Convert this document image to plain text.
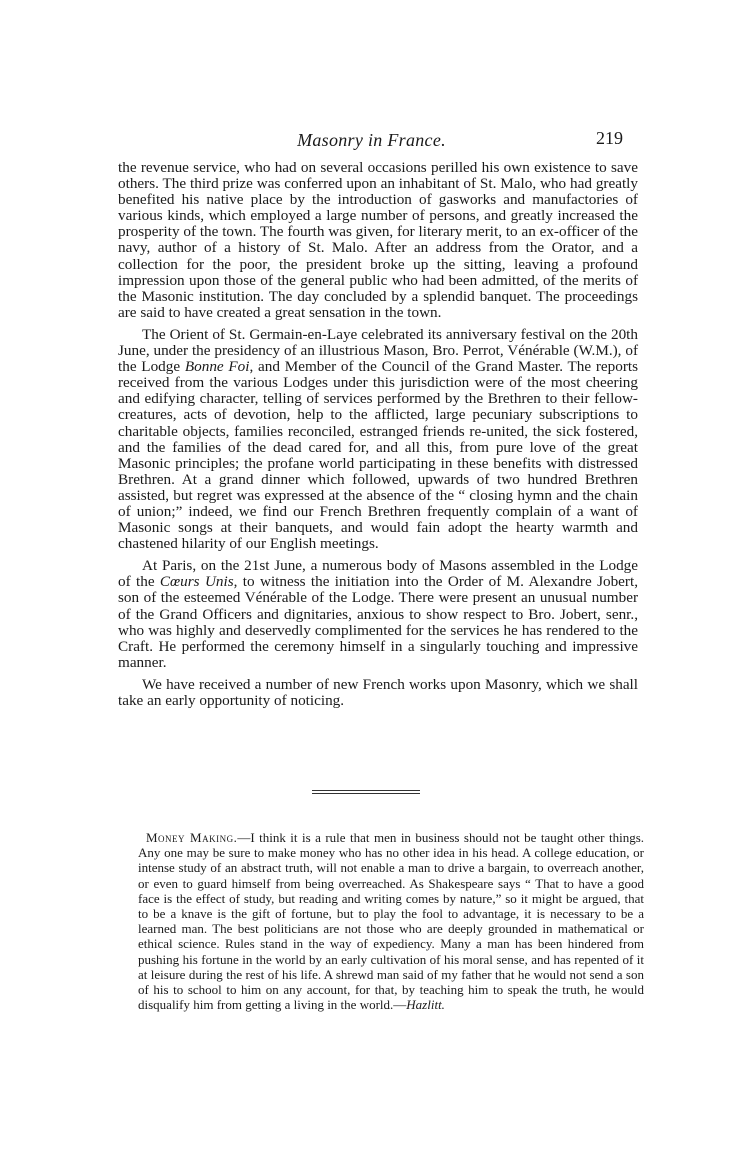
Masonry in France.	219

the revenue service, who had on several occasions perilled his own existence to save others. The third prize was conferred upon an inhabitant of St. Malo, who had greatly benefited his native place by the introduction of gasworks and manufactories of various kinds, which employed a large number of persons, and greatly increased the prosperity of the town. The fourth was given, for literary merit, to an ex-officer of the navy, author of a history of St. Malo. After an address from the Orator, and a collection for the poor, the president broke up the sitting, leaving a profound impression upon those of the general public who had been admitted, of the merits of the Masonic institution. The day concluded by a splendid banquet. The proceedings are said to have created a great sensation in the town.

The Orient of St. Germain-en-Laye celebrated its anniversary festival on the 20th June, under the presidency of an illustrious Mason, Bro. Perrot, Vénérable (W.M.), of the Lodge Bonne Foi, and Member of the Council of the Grand Master. The reports received from the various Lodges under this jurisdiction were of the most cheering and edifying character, telling of services performed by the Brethren to their fellow-creatures, acts of devotion, help to the afflicted, large pecuniary subscriptions to charitable objects, families reconciled, estranged friends re-united, the sick fostered, and the families of the dead cared for, and all this, from pure love of the great Masonic principles; the profane world participating in these benefits with distressed Brethren. At a grand dinner which followed, upwards of two hundred Brethren assisted, but regret was expressed at the absence of the “ closing hymn and the chain of union;” indeed, we find our French Brethren frequently complain of a want of Masonic songs at their banquets, and would fain adopt the hearty warmth and chastened hilarity of our English meetings.

At Paris, on the 21st June, a numerous body of Masons assembled in the Lodge of the Cœurs Unis, to witness the initiation into the Order of M. Alexandre Jobert, son of the esteemed Vénérable of the Lodge. There were present an unusual number of the Grand Officers and dignitaries, anxious to show respect to Bro. Jobert, senr., who was highly and deservedly complimented for the services he has rendered to the Craft. He performed the ceremony himself in a singularly touching and impressive manner.

We have received a number of new French works upon Masonry, which we shall take an early opportunity of noticing.

Money Making.—I think it is a rule that men in business should not be taught other things. Any one may be sure to make money who has no other idea in his head. A college education, or intense study of an abstract truth, will not enable a man to drive a bargain, to overreach another, or even to guard himself from being overreached. As Shakespeare says “ That to have a good face is the effect of study, but reading and writing comes by nature,” so it might be argued, that to be a knave is the gift of fortune, but to play the fool to advantage, it is necessary to be a learned man. The best politicians are not those who are deeply grounded in mathematical or ethical science. Rules stand in the way of expediency. Many a man has been hindered from pushing his fortune in the world by an early cultivation of his moral sense, and has repented of it at leisure during the rest of his life. A shrewd man said of my father that he would not send a son of his to school to him on any account, for that, by teaching him to speak the truth, he would disqualify him from getting a living in the world.—Hazlitt.
